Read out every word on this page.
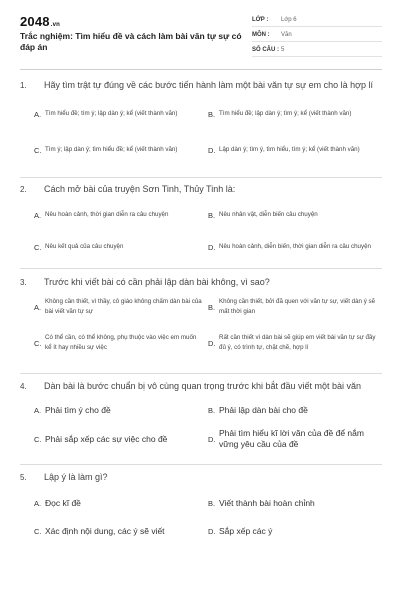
2048.vn
Trắc nghiệm: Tìm hiểu đề và cách làm bài văn tự sự có đáp án
LỚP :	Lớp 6
MÔN :	Văn
SỐ CÂU : 5
1.	Hãy tìm trật tự đúng về các bước tiến hành làm một bài văn tự sự em cho là hợp lí
A. Tìm hiểu đề; tìm ý; lập dàn ý; kể (viết thành văn)	B. Tìm hiểu đề; lập dàn ý; tìm ý; kể (viết thành văn)
C. Tìm ý; lập dàn ý; tìm hiểu đề; kể (viết thành văn)	D. Lập dàn ý; tìm ý, tìm hiểu, tìm ý; kể (viết thành văn)
2.	Cách mở bài của truyện Sơn Tinh, Thủy Tinh là:
A. Nêu hoàn cảnh, thời gian diễn ra câu chuyện	B. Nêu nhân vật, diễn biến câu chuyện
C. Nêu kết quả của câu chuyện	D. Nêu hoàn cảnh, diễn biến, thời gian diễn ra câu chuyện
3.	Trước khi viết bài có cần phải lập dàn bài không, vì sao?
A.
Không cần thiết, vì thầy, cô giáo không chấm dàn bài của bài viết văn tự sự	B.
Không cần thiết, bởi đã quen với văn tự sự, viết dàn ý sẽ mất thời gian
C.
Có thể cần, có thể không, phụ thuộc vào việc em muốn kể ít hay nhiều sự việc	D.
Rất cần thiết vì dàn bài sẽ giúp em viết bài văn tự sự đầy đủ ý, có trình tự, chặt chẽ, hợp lí
4.	Dàn bài là bước chuẩn bị vô cùng quan trọng trước khi bắt đầu viết một bài văn
A. Phải tìm ý cho đề	B. Phải lập dàn bài cho đề
C. Phải sắp xếp các sự việc cho đề	D.
Phải tìm hiểu kĩ lời văn của đề để nắm vững yêu cầu của đề
5.	Lập ý là làm gì?
A. Đọc kĩ đề	B. Viết thành bài hoàn chỉnh
C. Xác định nội dung, các ý sẽ viết	D. Sắp xếp các ý
